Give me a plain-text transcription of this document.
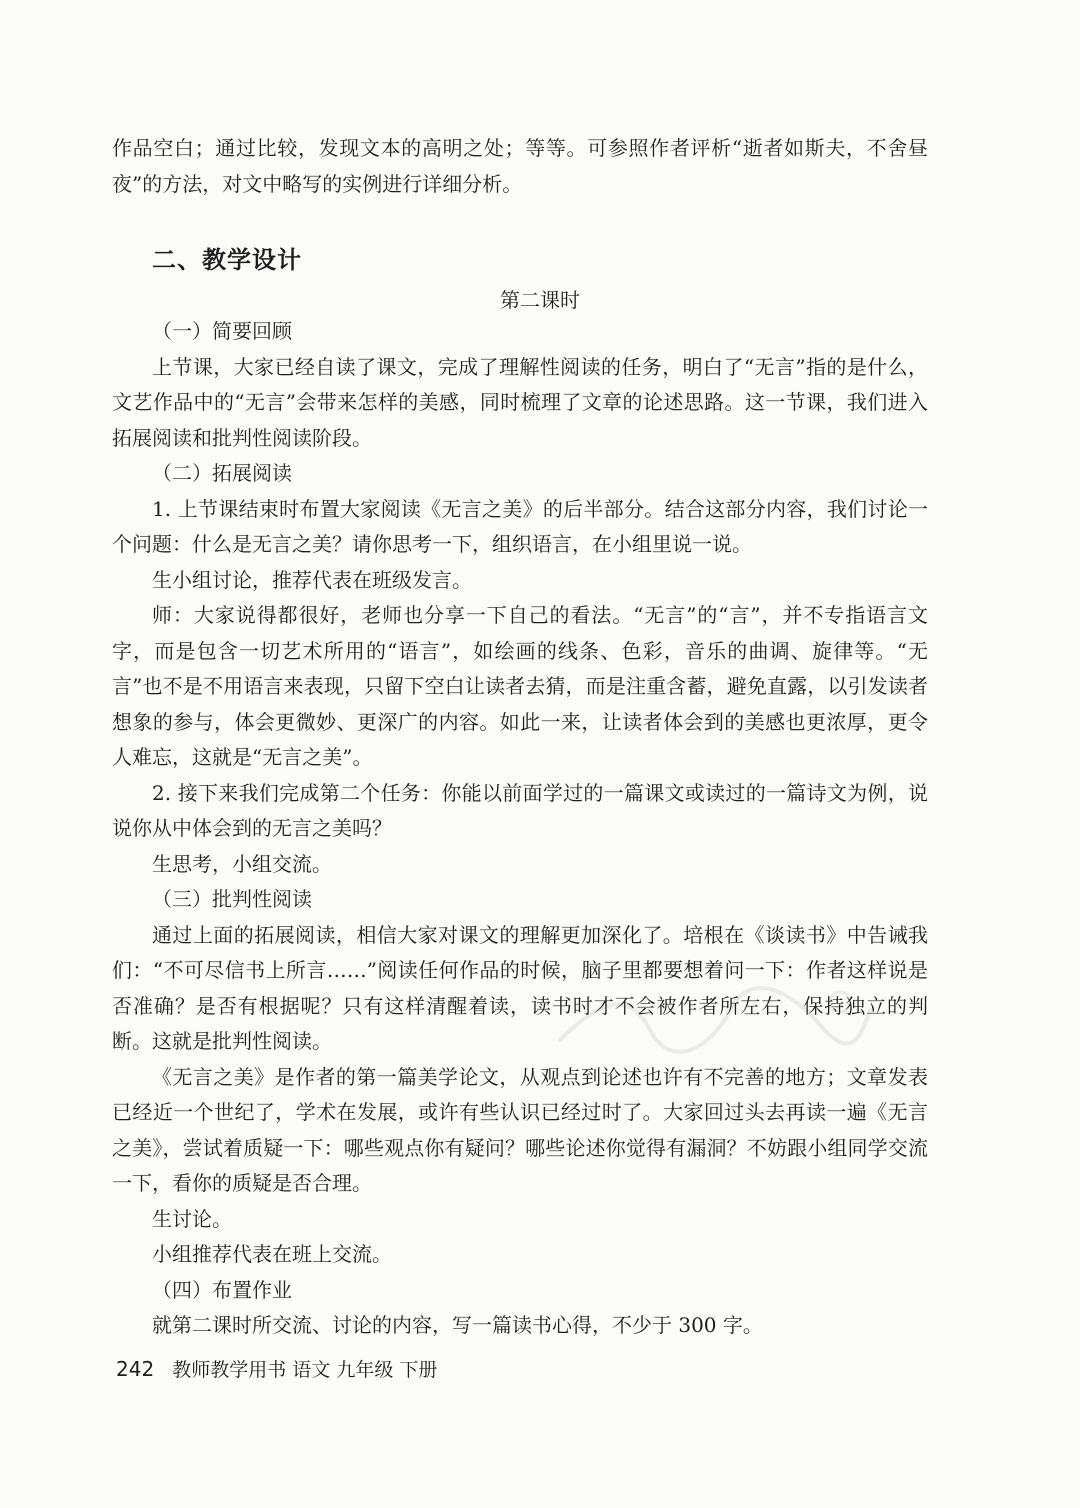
作品空白；通过比较，发现文本的高明之处；等等。可参照作者评析“逝者如斯夫，不舍昼夜”的方法，对文中略写的实例进行详细分析。

二、教学设计

第二课时

（一）简要回顾

上节课，大家已经自读了课文，完成了理解性阅读的任务，明白了“无言”指的是什么，文艺作品中的“无言”会带来怎样的美感，同时梳理了文章的论述思路。这一节课，我们进入拓展阅读和批判性阅读阶段。

（二）拓展阅读

1. 上节课结束时布置大家阅读《无言之美》的后半部分。结合这部分内容，我们讨论一个问题：什么是无言之美？请你思考一下，组织语言，在小组里说一说。

生小组讨论，推荐代表在班级发言。

师：大家说得都很好，老师也分享一下自己的看法。“无言”的“言”，并不专指语言文字，而是包含一切艺术所用的“语言”，如绘画的线条、色彩，音乐的曲调、旋律等。“无言”也不是不用语言来表现，只留下空白让读者去猜，而是注重含蓄，避免直露，以引发读者想象的参与，体会更微妙、更深广的内容。如此一来，让读者体会到的美感也更浓厚，更令人难忘，这就是“无言之美”。

2. 接下来我们完成第二个任务：你能以前面学过的一篇课文或读过的一篇诗文为例，说说你从中体会到的无言之美吗？

生思考，小组交流。

（三）批判性阅读

通过上面的拓展阅读，相信大家对课文的理解更加深化了。培根在《谈读书》中告诫我们：“不可尽信书上所言……”阅读任何作品的时候，脑子里都要想着问一下：作者这样说是否准确？是否有根据呢？只有这样清醒着读，读书时才不会被作者所左右，保持独立的判断。这就是批判性阅读。

《无言之美》是作者的第一篇美学论文，从观点到论述也许有不完善的地方；文章发表已经近一个世纪了，学术在发展，或许有些认识已经过时了。大家回过头去再读一遍《无言之美》，尝试着质疑一下：哪些观点你有疑问？哪些论述你觉得有漏洞？不妨跟小组同学交流一下，看你的质疑是否合理。

生讨论。

小组推荐代表在班上交流。

（四）布置作业

就第二课时所交流、讨论的内容，写一篇读书心得，不少于 300 字。

242 教师教学用书 语文 九年级 下册
